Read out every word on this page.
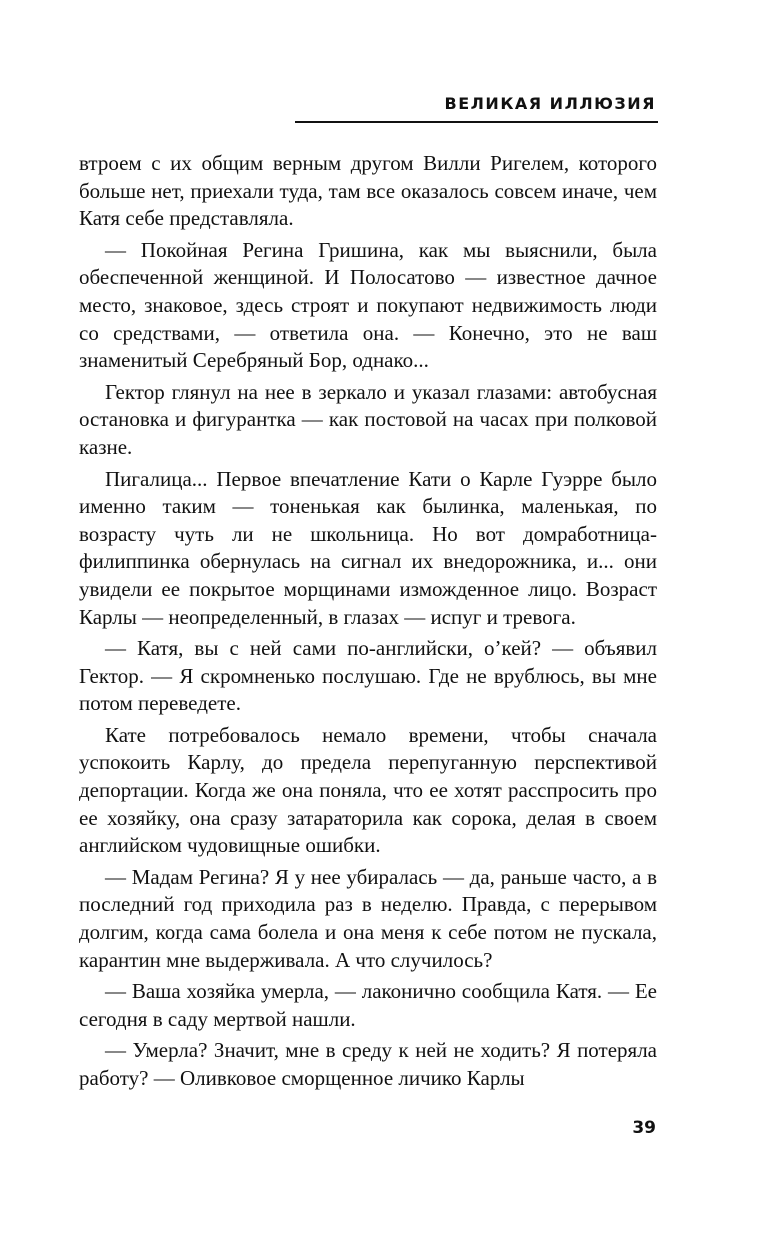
ВЕЛИКАЯ ИЛЛЮЗИЯ

втроем с их общим верным другом Вилли Ригелем, которого больше нет, приехали туда, там все оказалось совсем иначе, чем Катя себе представляла.

— Покойная Регина Гришина, как мы выяснили, была обеспеченной женщиной. И Полосатово — известное дачное место, знаковое, здесь строят и покупают недвижимость люди со средствами, — ответила она. — Конечно, это не ваш знаменитый Серебряный Бор, однако...

Гектор глянул на нее в зеркало и указал глазами: автобусная остановка и фигурантка — как постовой на часах при полковой казне.

Пигалица... Первое впечатление Кати о Карле Гуэрре было именно таким — тоненькая как былинка, маленькая, по возрасту чуть ли не школьница. Но вот домработница-филиппинка обернулась на сигнал их внедорожника, и... они увидели ее покрытое морщинами изможденное лицо. Возраст Карлы — неопределенный, в глазах — испуг и тревога.

— Катя, вы с ней сами по-английски, о’кей? — объявил Гектор. — Я скромненько послушаю. Где не врублюсь, вы мне потом переведете.

Кате потребовалось немало времени, чтобы сначала успокоить Карлу, до предела перепуганную перспективой депортации. Когда же она поняла, что ее хотят расспросить про ее хозяйку, она сразу затараторила как сорока, делая в своем английском чудовищные ошибки.

— Мадам Регина? Я у нее убиралась — да, раньше часто, а в последний год приходила раз в неделю. Правда, с перерывом долгим, когда сама болела и она меня к себе потом не пускала, карантин мне выдерживала. А что случилось?

— Ваша хозяйка умерла, — лаконично сообщила Катя. — Ее сегодня в саду мертвой нашли.

— Умерла? Значит, мне в среду к ней не ходить? Я потеряла работу? — Оливковое сморщенное личико Карлы

39
